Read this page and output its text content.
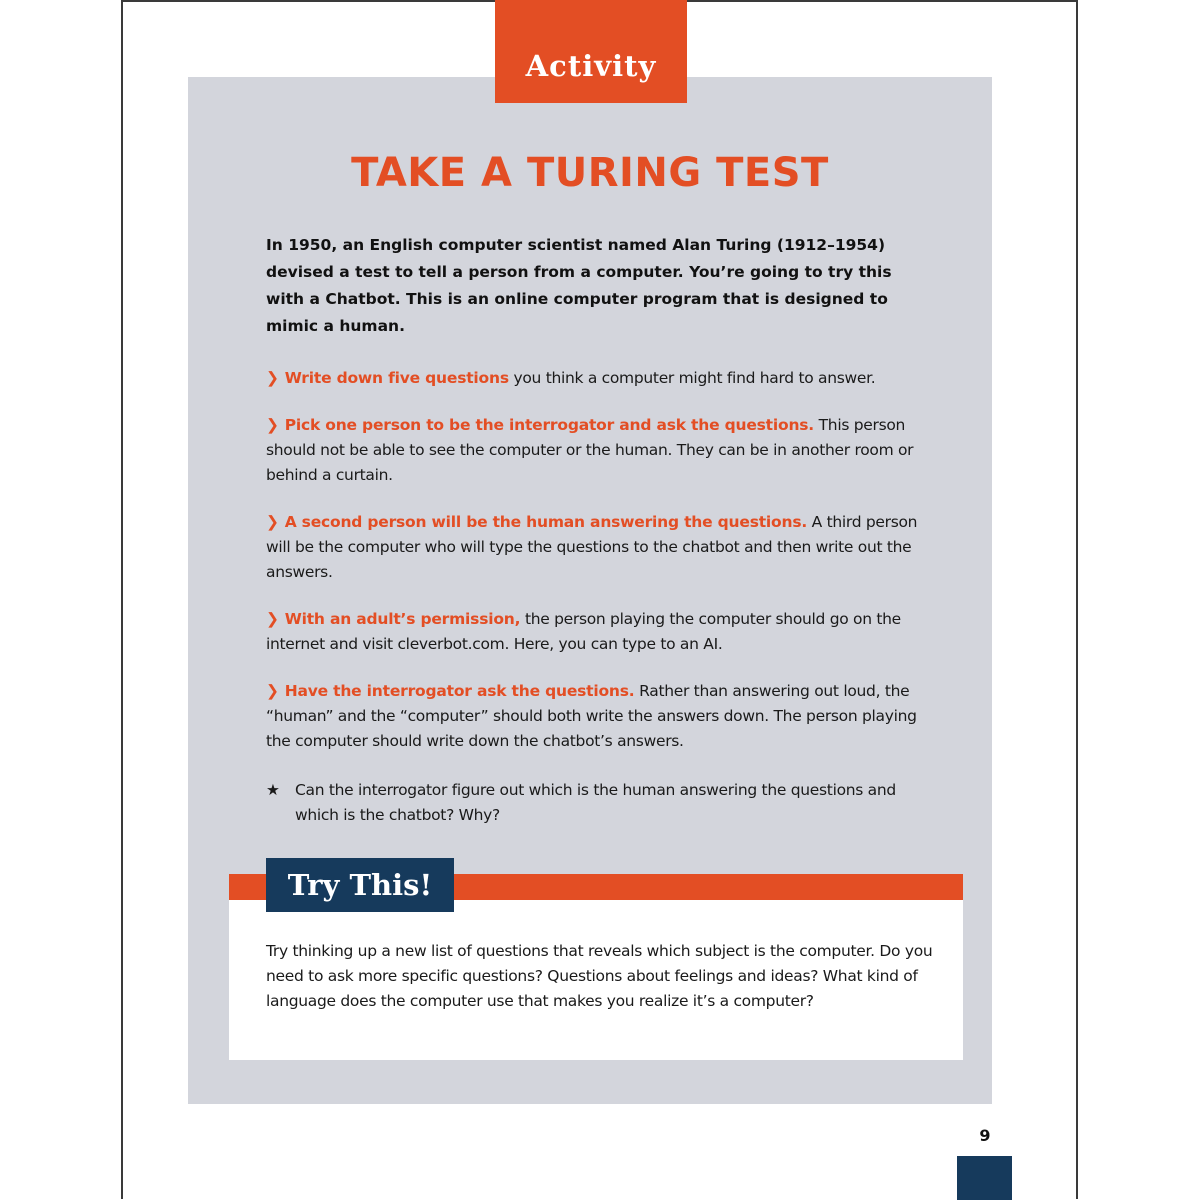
Activity
TAKE A TURING TEST
In 1950, an English computer scientist named Alan Turing (1912–1954) devised a test to tell a person from a computer. You’re going to try this with a Chatbot. This is an online computer program that is designed to mimic a human.
❯ Write down five questions you think a computer might find hard to answer.
❯ Pick one person to be the interrogator and ask the questions. This person should not be able to see the computer or the human. They can be in another room or behind a curtain.
❯ A second person will be the human answering the questions. A third person will be the computer who will type the questions to the chatbot and then write out the answers.
❯ With an adult’s permission, the person playing the computer should go on the internet and visit cleverbot.com. Here, you can type to an AI.
❯ Have the interrogator ask the questions. Rather than answering out loud, the “human” and the “computer” should both write the answers down. The person playing the computer should write down the chatbot’s answers.
★ Can the interrogator figure out which is the human answering the questions and which is the chatbot? Why?
Try This!
Try thinking up a new list of questions that reveals which subject is the computer. Do you need to ask more specific questions? Questions about feelings and ideas? What kind of language does the computer use that makes you realize it’s a computer?
9
